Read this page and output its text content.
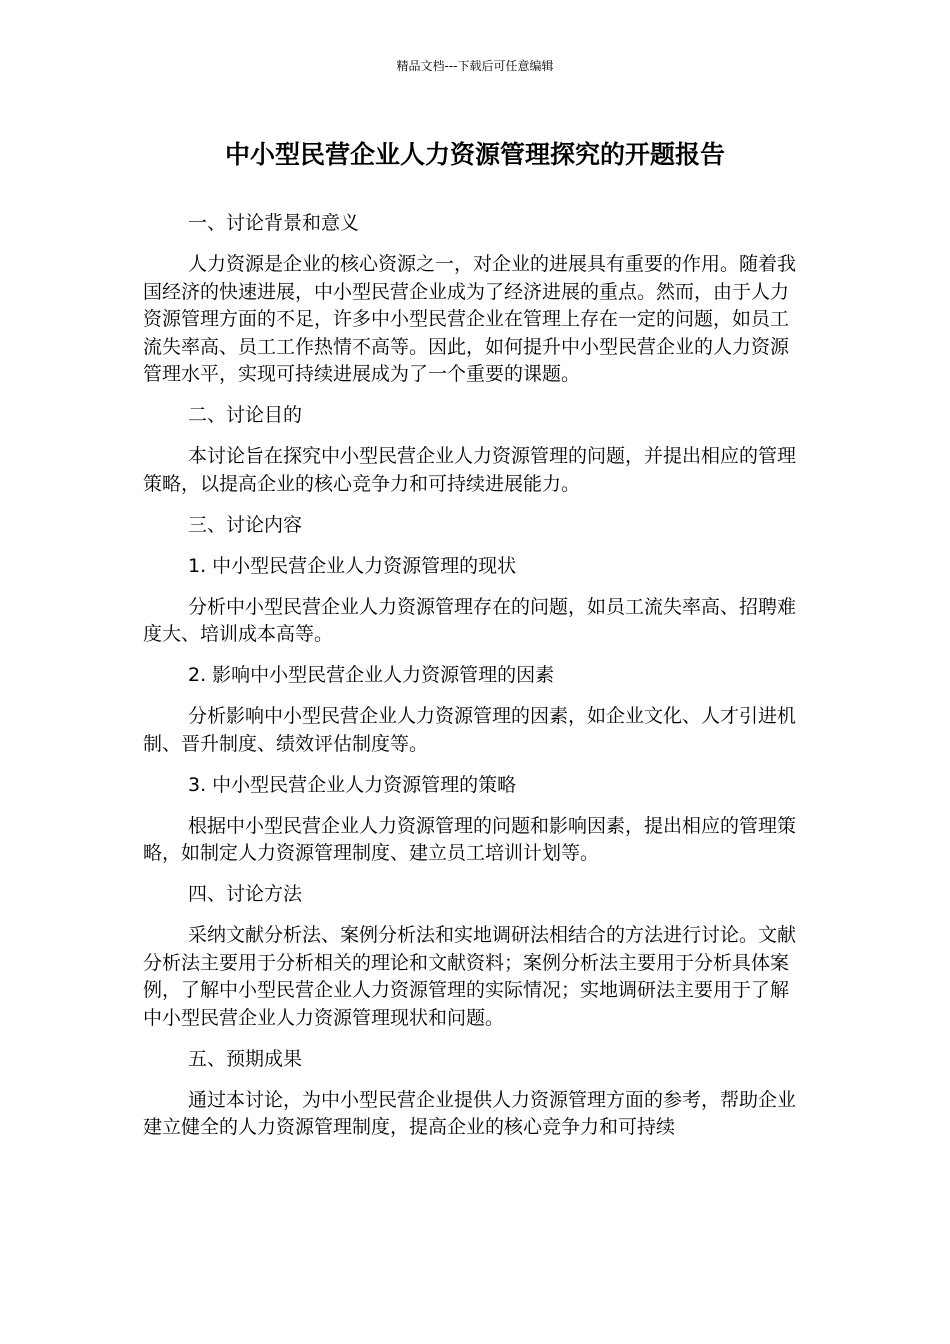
精品文档---下载后可任意编辑
中小型民营企业人力资源管理探究的开题报告

一、讨论背景和意义

人力资源是企业的核心资源之一，对企业的进展具有重要的作用。随着我国经济的快速进展，中小型民营企业成为了经济进展的重点。然而，由于人力资源管理方面的不足，许多中小型民营企业在管理上存在一定的问题，如员工流失率高、员工工作热情不高等。因此，如何提升中小型民营企业的人力资源管理水平，实现可持续进展成为了一个重要的课题。

二、讨论目的

本讨论旨在探究中小型民营企业人力资源管理的问题，并提出相应的管理策略，以提高企业的核心竞争力和可持续进展能力。

三、讨论内容

1. 中小型民营企业人力资源管理的现状

分析中小型民营企业人力资源管理存在的问题，如员工流失率高、招聘难度大、培训成本高等。

2. 影响中小型民营企业人力资源管理的因素

分析影响中小型民营企业人力资源管理的因素，如企业文化、人才引进机制、晋升制度、绩效评估制度等。

3. 中小型民营企业人力资源管理的策略

根据中小型民营企业人力资源管理的问题和影响因素，提出相应的管理策略，如制定人力资源管理制度、建立员工培训计划等。

四、讨论方法

采纳文献分析法、案例分析法和实地调研法相结合的方法进行讨论。文献分析法主要用于分析相关的理论和文献资料；案例分析法主要用于分析具体案例，了解中小型民营企业人力资源管理的实际情况；实地调研法主要用于了解中小型民营企业人力资源管理现状和问题。

五、预期成果

通过本讨论，为中小型民营企业提供人力资源管理方面的参考，帮助企业建立健全的人力资源管理制度，提高企业的核心竞争力和可持续
